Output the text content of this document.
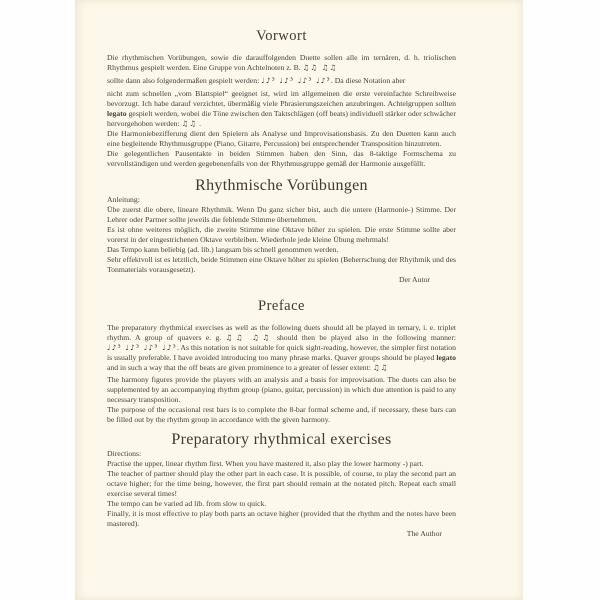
Vorwort

Die rhythmischen Vorübungen, sowie die darauffolgenden Duette sollen alle im ternären, d. h. triolischen Rhythmus gespielt werden. Eine Gruppe von Achtelnoten z. B. ♫♫ ♫♫

sollte dann also folgendermaßen gespielt werden: ♩♪³ ♩♪³ ♩♪³ ♩♪³. Da diese Notation aber

nicht zum schnellen „vom Blattspiel“ geeignet ist, wird im allgemeinen die erste vereinfachte Schreibweise bevorzugt. Ich habe darauf verzichtet, übermäßig viele Phrasierungszeichen anzubringen. Achtelgruppen sollten legato gespielt werden, wobei die Töne zwischen den Taktschlägen (off beats) individuell stärker oder schwächer hervorgehoben werden: ♫♫ .

Die Harmoniebezifferung dient den Spielern als Analyse und Improvisationsbasis. Zu den Duetten kann auch eine begleitende Rhythmusgruppe (Piano, Gitarre, Percussion) bei entsprechender Transposition hinzutreten.

Die gelegentlichen Pausentakte in beiden Stimmen haben den Sinn, das 8-taktige Formschema zu vervollständigen und werden gegebenenfalls von der Rhythmusgruppe gemäß der Harmonie ausgefüllt.

Rhythmische Vorübungen

Anleitung:

Übe zuerst die obere, lineare Rhythmik. Wenn Du ganz sicher bist, auch die untere (Harmonie-) Stimme. Der Lehrer oder Partner sollte jeweils die fehlende Stimme übernehmen.

Es ist ohne weiteres möglich, die zweite Stimme eine Oktave höher zu spielen. Die erste Stimme sollte aber vorerst in der eingestrichenen Oktave verbleiben. Wiederhole jede kleine Übung mehrmals!

Das Tempo kann beliebig (ad. lib.) langsam bis schnell genommen werden.

Sehr effektvoll ist es letztlich, beide Stimmen eine Oktave höher zu spielen (Beherrschung der Rhythmik und des Tonmaterials vorausgesetzt).

Der Autor

Preface

The preparatory rhythmical exercises as well as the following duets should all be played in ternary, i. e. triplet rhythm. A group of quavers e. g. ♫♫ ♫♫ should then be played also in the following manner: ♩♪³ ♩♪³ ♩♪³ ♩♪³. As this notation is not suitable for quick sight-reading, however, the simpler first notation is usually preferable. I have avoided introducing too many phrase marks. Quaver groups should be played legato and in such a way that the off beats are given prominence to a greater of lesser extent: ♫♫

The harmony figures provide the players with an analysis and a basis for improvisation. The duets can also be supplemented by an accompanying rhythm group (piano, guitar, percussion) in which due attention is paid to any necessary transposition.

The purpose of the occasional rest bars is to complete the 8-bar formal scheme and, if necessary, these bars can be filled out by the rhythm group in accordance with the given harmony.

Preparatory rhythmical exercises

Directions:

Practise the upper, linear rhythm first. When you have mastered it, also play the lower harmony -) part.

The teacher of partner should play the other part in each case. It is possible, of course, to play the second part an octave higher; for the time being, however, the first part should remain at the notated pitch. Repeat each small exercise several times!

The tempo can be varied ad lib. from slow to quick.

Finally, it is most effective to play both parts an octave higher (provided that the rhythm and the notes have been mastered).

The Author
